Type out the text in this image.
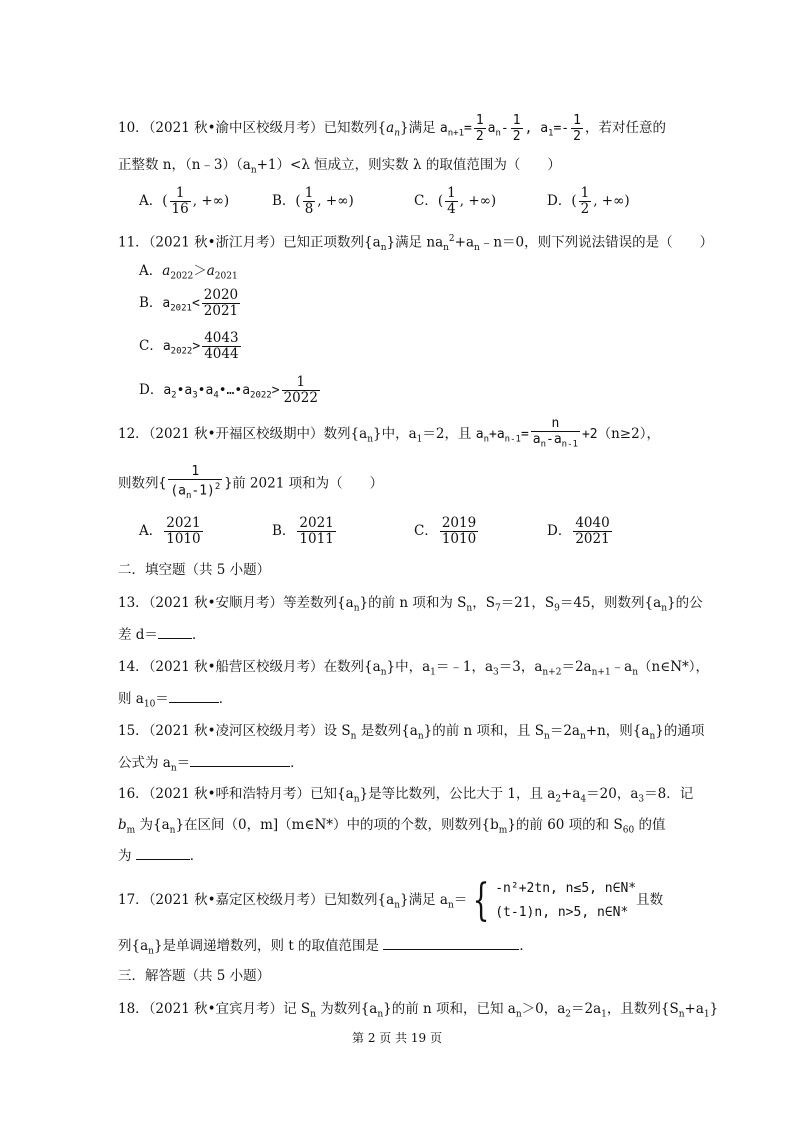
10．（2021 秋•渝中区校级月考）已知数列$\{a_n\}$满足 $a_{n+1}= \frac{1}{2} a_n- \frac{1}{2}$ , $a_1=- \frac{1}{2}$ ，若对任意的
正整数 n，$(n﹣3)(a_n+1)<\lambda$ 恒成立，则实数 λ 的取值范围为（　　）
A．( $\frac{1}{16}$ , +∞)	B．( $\frac{1}{8}$ , +∞)	C．( $\frac{1}{4}$ , +∞)	D．( $\frac{1}{2}$ , +∞)
11．（2021 秋•浙江月考）已知正项数列$\{a_n\}$满足 $na_n^2+a_n﹣n=0$，则下列说法错误的是（　　）
A．$a_{2022}>a_{2021}$
B．$a_{2021}< \frac{2020}{2021}$
C．$a_{2022}> \frac{4043}{4044}$
D．$a_2•a_3•a_4•\dots•a_{2022}> \frac{1}{2022}$
12．（2021 秋•开福区校级期中）数列$\{a_n\}$中，$a_1=2$，且 $a_n+a_{n-1}= \frac{n}{a_n-a_{n-1}} +2(n\ge 2)$，
则数列{ $\frac{1}{(a_n-1)^2}$ }前 2021 项和为（　　）
A． $\frac{2021}{1010}$	B． $\frac{2021}{1011}$	C． $\frac{2019}{1010}$	D． $\frac{4040}{2021}$
二．填空题（共 5 小题）
13．（2021 秋•安顺月考）等差数列$\{a_n\}$的前 n 项和为 $S_n$，$S_7=21$，$S_9=45$，则数列$\{a_n\}$的公
差 d＝	．
14．（2021 秋•船营区校级月考）在数列$\{a_n\}$中，$a_1=﹣1$，$a_3=3$，$a_{n+2}=2a_{n+1}﹣a_n(n\in N*)$，
则 $a_{10}=$	．
15．（2021 秋•凌河区校级月考）设 $S_n$ 是数列$\{a_n\}$的前 n 项和，且 $S_n=2a_n+n$，则$\{a_n\}$的通项
公式为 $a_n=$	．
16．（2021 秋•呼和浩特月考）已知$\{a_n\}$是等比数列，公比大于 1，且 $a_2+a_4=20$，$a_3=8$．记
$b_m$ 为$\{a_n\}$在区间（0，m]（m∈N*）中的项的个数，则数列$\{b_m\}$的前 60 项的和 $S_{60}$ 的值
为	．
17．（2021 秋•嘉定区校级月考）已知数列$\{a_n\}$满足 $a_n=$ { -n²+2tn, n≤5, n∈N*
(t-1)n, n>5, n∈N*
且数
列$\{a_n\}$是单调递增数列，则 t 的取值范围是	．
三．解答题（共 5 小题）
18．（2021 秋•宜宾月考）记 $S_n$ 为数列$\{a_n\}$的前 n 项和，已知 $a_n>0$，$a_2=2a_1$，且数列$\{S_n+a_1\}$
第 2 页 共 19 页
